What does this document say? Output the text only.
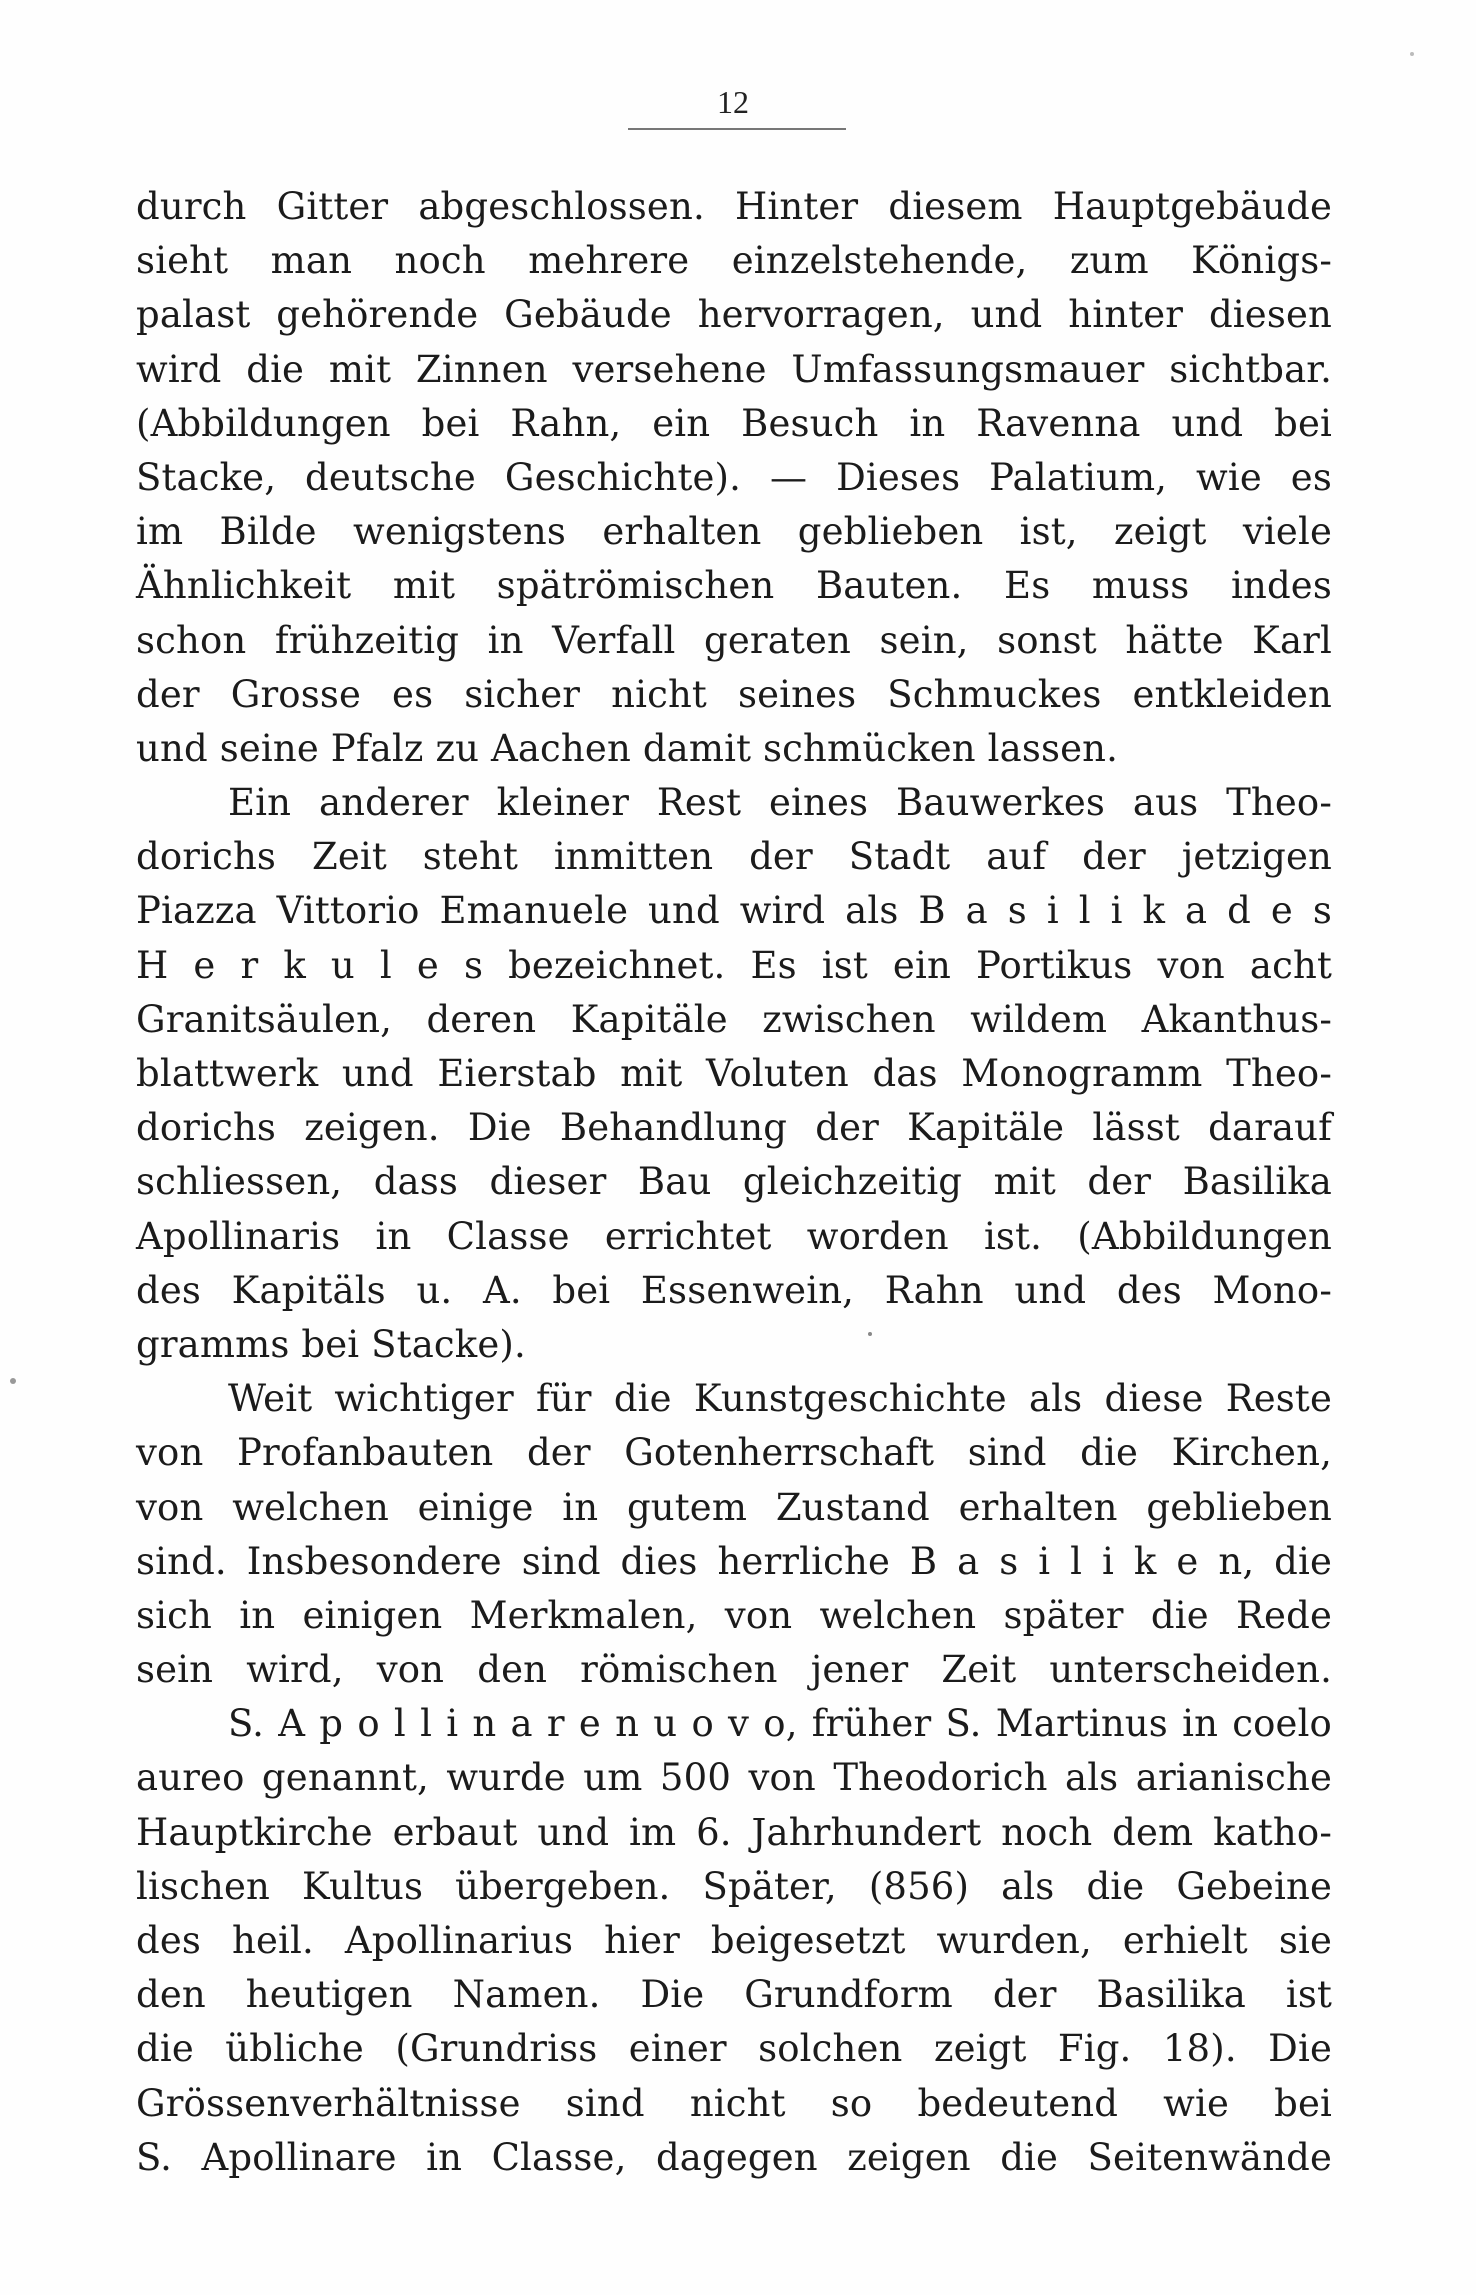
12
durch Gitter abgeschlossen. Hinter diesem Hauptgebäude
sieht man noch mehrere einzelstehende, zum Königs-
palast gehörende Gebäude hervorragen, und hinter diesen
wird die mit Zinnen versehene Umfassungsmauer sichtbar.
(Abbildungen bei Rahn, ein Besuch in Ravenna und bei
Stacke, deutsche Geschichte). — Dieses Palatium, wie es
im Bilde wenigstens erhalten geblieben ist, zeigt viele
Ähnlichkeit mit spätrömischen Bauten. Es muss indes
schon frühzeitig in Verfall geraten sein, sonst hätte Karl
der Grosse es sicher nicht seines Schmuckes entkleiden
und seine Pfalz zu Aachen damit schmücken lassen.
Ein anderer kleiner Rest eines Bauwerkes aus Theo-
dorichs Zeit steht inmitten der Stadt auf der jetzigen
Piazza Vittorio Emanuele und wird als B a s i l i k a d e s
H e r k u l e s bezeichnet. Es ist ein Portikus von acht
Granitsäulen, deren Kapitäle zwischen wildem Akanthus-
blattwerk und Eierstab mit Voluten das Monogramm Theo-
dorichs zeigen. Die Behandlung der Kapitäle lässt darauf
schliessen, dass dieser Bau gleichzeitig mit der Basilika
Apollinaris in Classe errichtet worden ist. (Abbildungen
des Kapitäls u. A. bei Essenwein, Rahn und des Mono-
gramms bei Stacke).
Weit wichtiger für die Kunstgeschichte als diese Reste
von Profanbauten der Gotenherrschaft sind die Kirchen,
von welchen einige in gutem Zustand erhalten geblieben
sind. Insbesondere sind dies herrliche B a s i l i k e n, die
sich in einigen Merkmalen, von welchen später die Rede
sein wird, von den römischen jener Zeit unterscheiden.
S. A p o l l i n a r e n u o v o, früher S. Martinus in coelo
aureo genannt, wurde um 500 von Theodorich als arianische
Hauptkirche erbaut und im 6. Jahrhundert noch dem katho-
lischen Kultus übergeben. Später, (856) als die Gebeine
des heil. Apollinarius hier beigesetzt wurden, erhielt sie
den heutigen Namen. Die Grundform der Basilika ist
die übliche (Grundriss einer solchen zeigt Fig. 18). Die
Grössenverhältnisse sind nicht so bedeutend wie bei
S. Apollinare in Classe, dagegen zeigen die Seitenwände
